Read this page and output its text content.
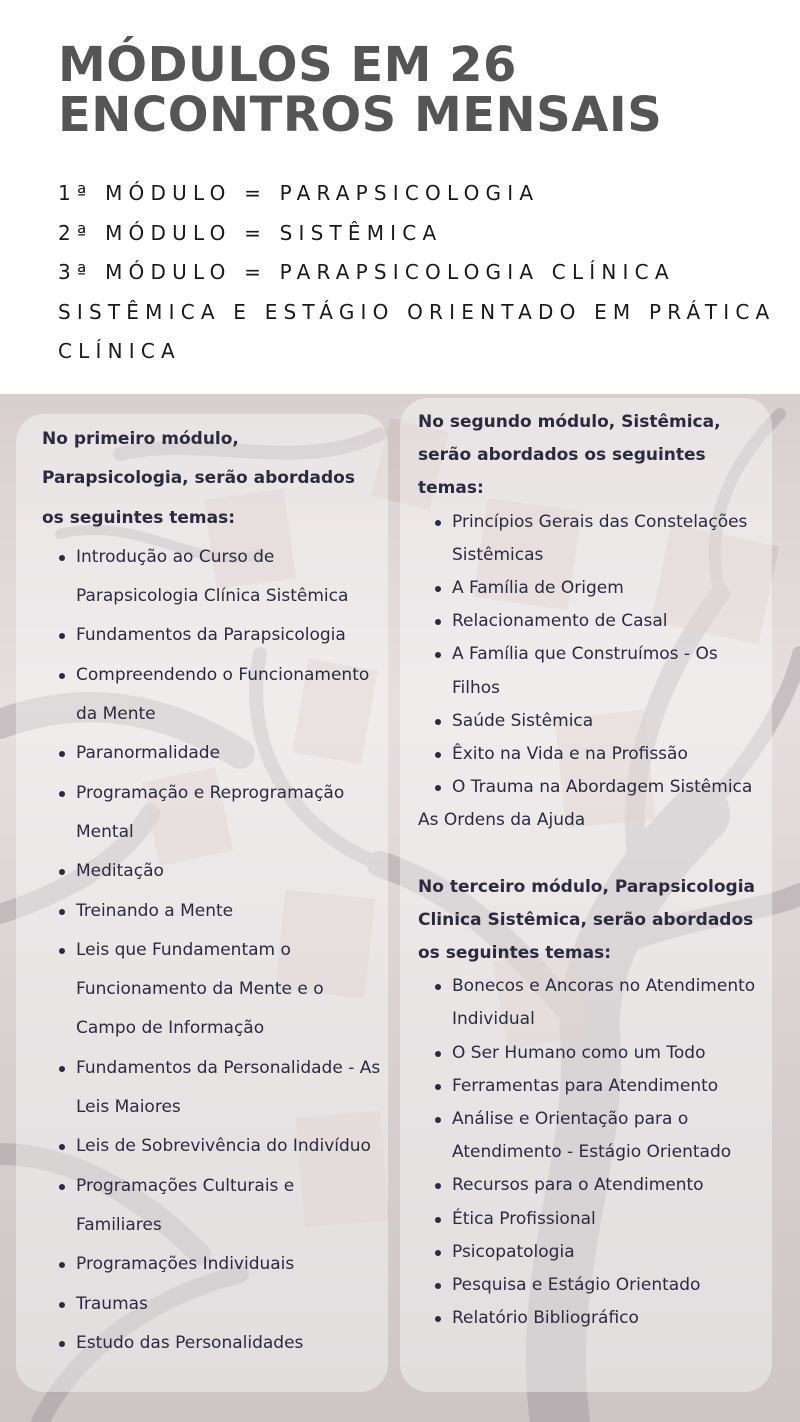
MÓDULOS EM 26
ENCONTROS MENSAIS
1ª MÓDULO = PARAPSICOLOGIA
2ª MÓDULO = SISTÊMICA
3ª MÓDULO = PARAPSICOLOGIA CLÍNICA SISTÊMICA E ESTÁGIO ORIENTADO EM PRÁTICA CLÍNICA

No primeiro módulo, Parapsicologia, serão abordados os seguintes temas:

Introdução ao Curso de Parapsicologia Clínica Sistêmica
Fundamentos da Parapsicologia
Compreendendo o Funcionamento da Mente
Paranormalidade
Programação e Reprogramação Mental
Meditação
Treinando a Mente
Leis que Fundamentam o Funcionamento da Mente e o Campo de Informação
Fundamentos da Personalidade - As Leis Maiores
Leis de Sobrevivência do Indivíduo
Programações Culturais e Familiares
Programações Individuais
Traumas
Estudo das Personalidades

No segundo módulo, Sistêmica, serão abordados os seguintes temas:

Princípios Gerais das Constelações Sistêmicas
A Família de Origem
Relacionamento de Casal
A Família que Construímos - Os Filhos
Saúde Sistêmica
Êxito na Vida e na Profissão
O Trauma na Abordagem Sistêmica

As Ordens da Ajuda

No terceiro módulo, Parapsicologia Clinica Sistêmica, serão abordados os seguintes temas:

Bonecos e Ancoras no Atendimento Individual
O Ser Humano como um Todo
Ferramentas para Atendimento
Análise e Orientação para o Atendimento - Estágio Orientado
Recursos para o Atendimento
Ética Profissional
Psicopatologia
Pesquisa e Estágio Orientado
Relatório Bibliográfico
